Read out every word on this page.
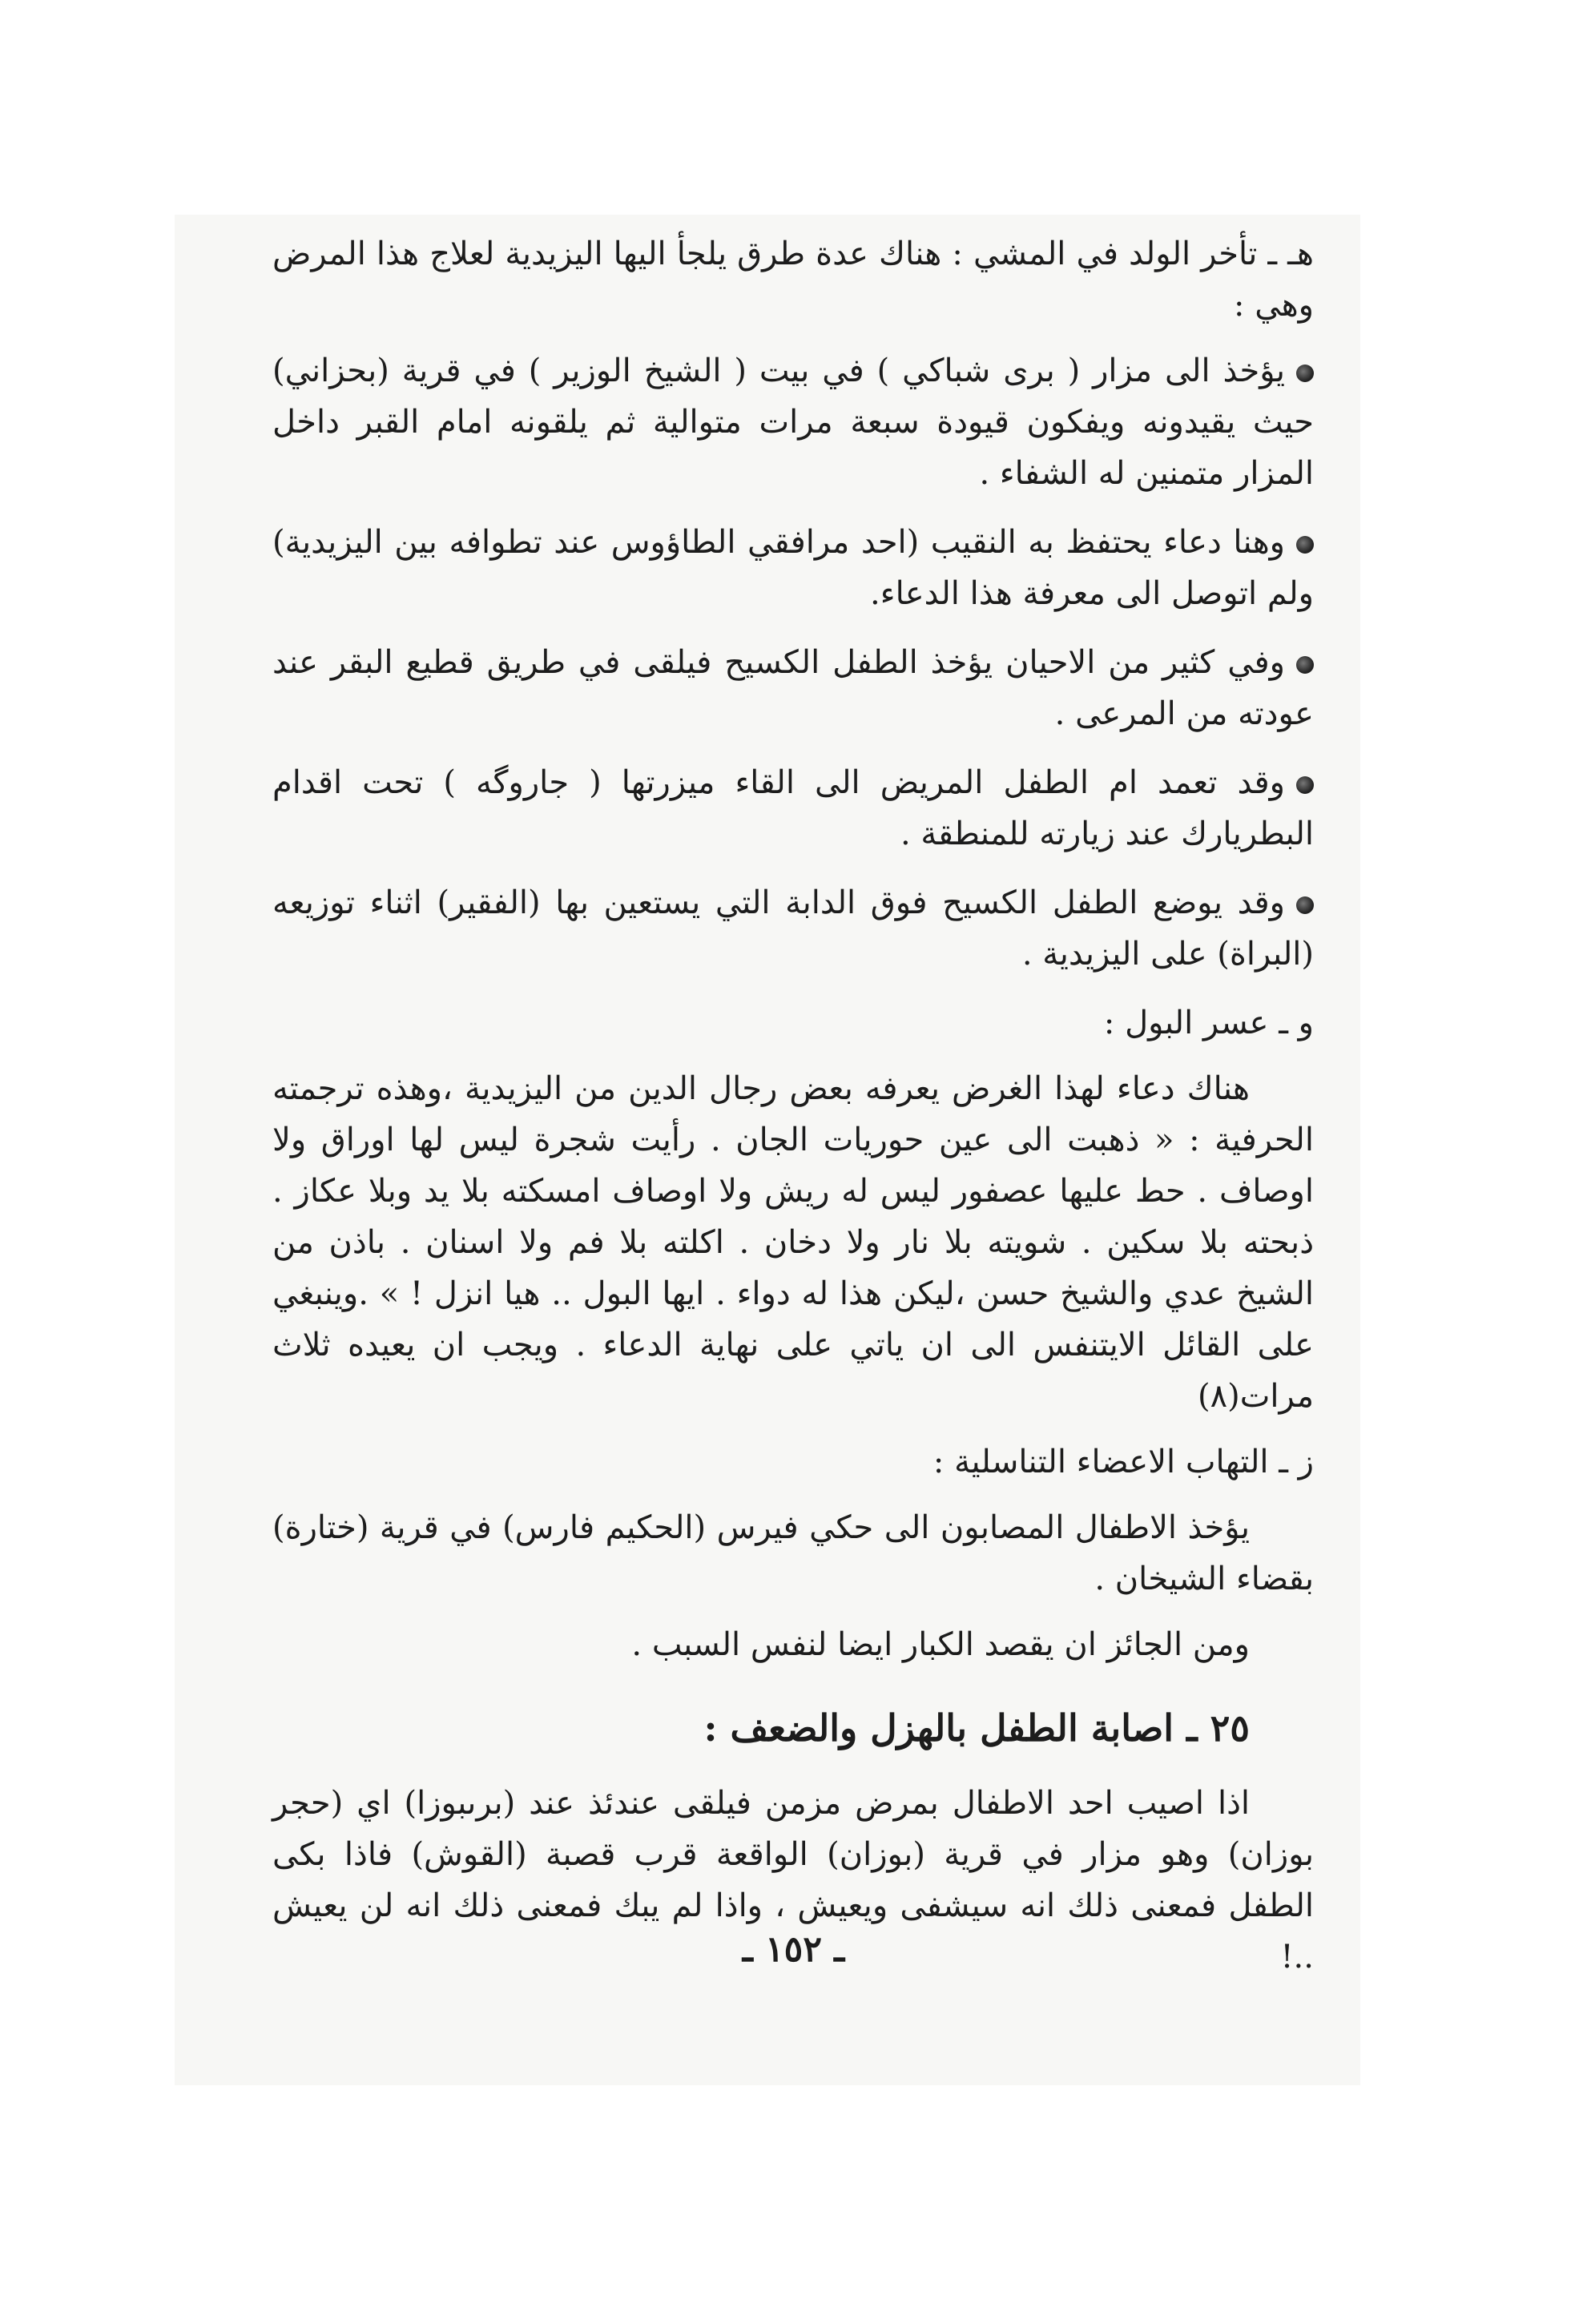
هـ ـ تأخر الولد في المشي : هناك عدة طرق يلجأ اليها اليزيدية لعلاج هذا المرض وهي :

يؤخذ الى مزار ( برى شباكي ) في بيت ( الشيخ الوزير ) في قرية (بحزاني) حيث يقيدونه ويفكون قيودة سبعة مرات متوالية ثم يلقونه امام القبر داخل المزار متمنين له الشفاء .

وهنا دعاء يحتفظ به النقيب (احد مرافقي الطاؤوس عند تطوافه بين اليزيدية) ولم اتوصل الى معرفة هذا الدعاء.

وفي كثير من الاحيان يؤخذ الطفل الكسيح فيلقى في طريق قطيع البقر عند عودته من المرعى .

وقد تعمد ام الطفل المريض الى القاء ميزرتها ( جاروگه ) تحت اقدام البطريارك عند زيارته للمنطقة .

وقد يوضع الطفل الكسيح فوق الدابة التي يستعين بها (الفقير) اثناء توزيعه (البراة) على اليزيدية .

و ـ عسر البول :

هناك دعاء لهذا الغرض يعرفه بعض رجال الدين من اليزيدية ،وهذه ترجمته الحرفية : « ذهبت الى عين حوريات الجان . رأيت شجرة ليس لها اوراق ولا اوصاف . حط عليها عصفور ليس له ريش ولا اوصاف امسكته بلا يد وبلا عكاز . ذبحته بلا سكين . شويته بلا نار ولا دخان . اكلته بلا فم ولا اسنان . باذن من الشيخ عدي والشيخ حسن ،ليكن هذا له دواء . ايها البول .. هيا انزل ! » .وينبغي على القائل الايتنفس الى ان ياتي على نهاية الدعاء . ويجب ان يعيده ثلاث مرات(٨)

ز ـ التهاب الاعضاء التناسلية :

يؤخذ الاطفال المصابون الى حكي فيرس (الحكيم فارس) في قرية (ختارة) بقضاء الشيخان .

ومن الجائز ان يقصد الكبار ايضا لنفس السبب .

٢٥ ـ اصابة الطفل بالهزل والضعف :

اذا اصيب احد الاطفال بمرض مزمن فيلقى عندئذ عند (برىبوزا) اي (حجر بوزان) وهو مزار في قرية (بوزان) الواقعة قرب قصبة (القوش) فاذا بكى الطفل فمعنى ذلك انه سيشفى ويعيش ، واذا لم يبك فمعنى ذلك انه لن يعيش ..!

ـ ١٥٢ ـ
